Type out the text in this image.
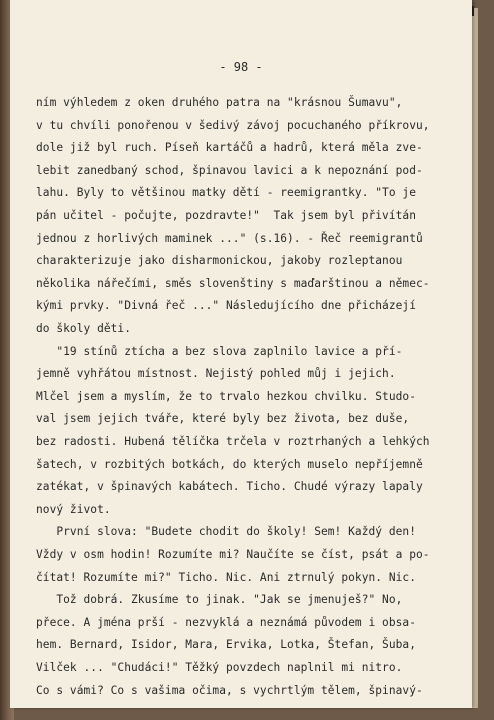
- 98 -
ním výhledem z oken druhého patra na "krásnou Šumavu",
v tu chvíli ponořenou v šedivý závoj pocuchaného příkrovu,
dole již byl ruch. Píseň kartáčů a hadrů, která měla zve-
lebit zanedbaný schod, špinavou lavici a k nepoznání pod-
lahu. Byly to většinou matky dětí - reemigrantky. "To je
pán učitel - počujte, pozdravte!"  Tak jsem byl přivítán
jednou z horlivých maminek ..." (s.16). - Řeč reemigrantů
charakterizuje jako disharmonickou, jakoby rozleptanou
několika nářečími, směs slovenštiny s maďarštinou a němec-
kými prvky. "Divná řeč ..." Následujícího dne přicházejí
do školy děti.
"19 stínů ztícha a bez slova zaplnilo lavice a pří-
jemně vyhřátou místnost. Nejistý pohled můj i jejich.
Mlčel jsem a myslím, že to trvalo hezkou chvilku. Studo-
val jsem jejich tváře, které byly bez života, bez duše,
bez radosti. Hubená tělíčka trčela v roztrhaných a lehkých
šatech, v rozbitých botkách, do kterých muselo nepříjemně
zatékat, v špinavých kabátech. Ticho. Chudé výrazy lapaly
nový život.
První slova: "Budete chodit do školy! Sem! Každý den!
Vždy v osm hodin! Rozumíte mi? Naučíte se číst, psát a po-
čítat! Rozumíte mi?" Ticho. Nic. Ani ztrnulý pokyn. Nic.
Tož dobrá. Zkusíme to jinak. "Jak se jmenuješ?" No,
přece. A jména prší - nezvyklá a neznámá původem i obsa-
hem. Bernard, Isidor, Mara, Ervika, Lotka, Štefan, Šuba,
Vilček ... "Chudáci!" Těžký povzdech naplnil mi nitro.
Co s vámi? Co s vašima očima, s vychrtlým tělem, špinavý-
